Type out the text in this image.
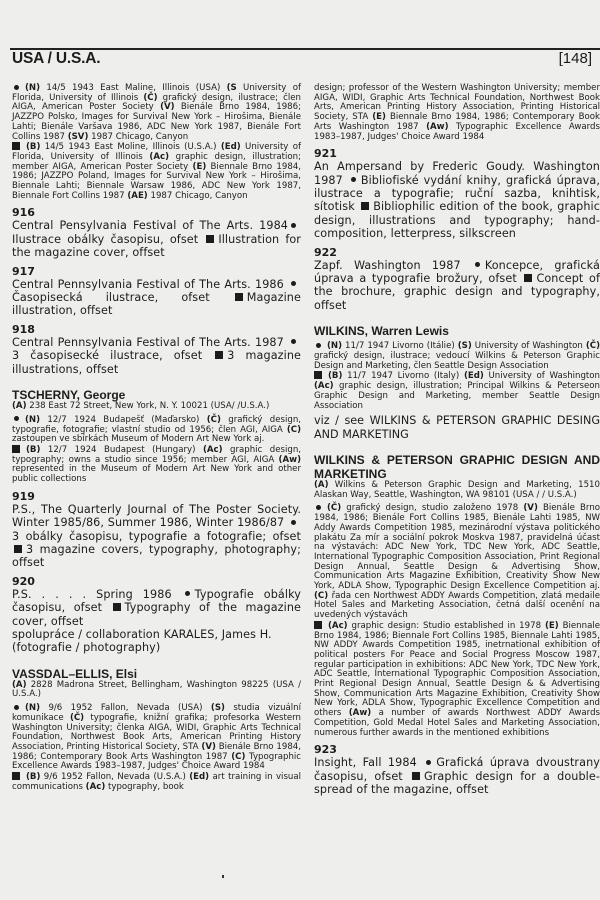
USA / U.S.A.	[148]

(N) 14/5 1943 East Maline, Illinois (USA) (S University of Florida, University of Illinois (Č) grafický design, ilustrace; člen AIGA, American Poster Society (V) Bienále Brno 1984, 1986; JAZZPO Polsko, Images for Survival New York – Hirošima, Bienále Lahti; Bienále Varšava 1986, ADC New York 1987, Bienále Fort Collins 1987 (SV) 1987 Chicago, Canyon

(B) 14/5 1943 East Moline, Illinois (U.S.A.) (Ed) University of Florida, University of Illinois (Ac) graphic design, illustration; member AIGA, American Poster Society (E) Biennale Brno 1984, 1986; JAZZPO Poland, Images for Survival New York – Hirošima, Biennale Lahti; Biennale Warsaw 1986, ADC New York 1987, Biennale Fort Collins 1987 (AE) 1987 Chicago, Canyon

916
Central Pensylvania Festival of The Arts. 1984Ilustrace obálky časopisu, ofset Illustration for the magazine cover, offset
917
Central Pennsylvania Festival of The Arts. 1986 Časopisecká ilustrace, ofset	Magazine illustration, offset
918
Central Pennsylvania Festival of The Arts. 1987 3 časopisecké ilustrace, ofset 3 magazine illustrations, offset
TSCHERNY, George

(A) 238 East 72 Street, New York, N. Y. 10021 (USA/ /U.S.A.)

(N) 12/7 1924 Budapešť (Maďarsko) (Č) grafický design, typografie, fotografie; vlastní studio od 1956; člen AGI, AIGA (C) zastoupen ve sbírkách Museum of Modern Art New York aj.

(B) 12/7 1924 Budapest (Hungary) (Ac) graphic design, typography; owns a studio since 1956; member AGI, AIGA (Aw) represented in the Museum of Modern Art New York and other public collections

919
P.S., The Quarterly Journal of The Poster Society. Winter 1985/86, Summer 1986, Winter 1986/87 3 obálky časopisu, typografie a fotografie; ofset 3 magazine covers, typography, photography; offset
920
P.S. . . . . Spring 1986 Typografie obálky časopisu, ofset Typography of the magazine cover, offset
spolupráce / collaboration KARALES, James H. (fotografie / photography)
VASSDAL–ELLIS, Elsi

(A) 2828 Madrona Street, Bellingham, Washington 98225 (USA / U.S.A.)

(N) 9/6 1952 Fallon, Nevada (USA) (S) studia vizuální komunikace (Č) typografie, knižní grafika; profesorka Western Washington University; členka AIGA, WIDI, Graphic Arts Technical Foundation, Northwest Book Arts, American Printing History Association, Printing Historical Society, STA (V) Bienále Brno 1984, 1986; Contemporary Book Arts Washington 1987 (C) Typographic Excellence Awards 1983–1987, Judges' Choice Award 1984

(B) 9/6 1952 Fallon, Nevada (U.S.A.) (Ed) art training in visual communications (Ac) typography, book

design; professor of the Western Washington University; member AIGA, WIDI, Graphic Arts Technical Foundation, Northwest Book Arts, American Printing History Association, Printing Historical Society, STA (E) Biennale Brno 1984, 1986; Contemporary Book Arts Washington 1987 (Aw) Typographic Excellence Awards 1983–1987, Judges' Choice Award 1984

921
An Ampersand by Frederic Goudy. Washington 1987 Bibliofiské vydání knihy, grafická úprava, ilustrace a typografie; ruční sazba, knihtisk, sítotisk Bibliophilic edition of the book, graphic design, illustrations and typography; hand-composition, letterpress, silkscreen
922
Zapf. Washington 1987 Koncepce, grafická úprava a typografie brožury, ofset Concept of the brochure, graphic design and typography, offset
WILKINS, Warren Lewis

(N) 11/7 1947 Livorno (Itálie) (S) University of Washington (Č) grafický design, ilustrace; vedoucí Wilkins & Peterson Graphic Design and Marketing, člen Seattle Design Association

(B) 11/7 1947 Livorno (Italy) (Ed) University of Washington (Ac) graphic design, illustration; Principal Wilkins & Peterseon Graphic Design and Marketing, member Seattle Design Association

viz / see WILKINS & PETERSON GRAPHIC DESING AND MARKETING
WILKINS & PETERSON GRAPHIC DESIGN AND MARKETING

(A) Wilkins & Peterson Graphic Design and Marketing, 1510 Alaskan Way, Seattle, Washington, WA 98101 (USA / / U.S.A.)

(Č) grafický design, studio založeno 1978 (V) Bienále Brno 1984, 1986; Bienále Fort Collins 1985, Bienále Lahti 1985, NW Addy Awards Competition 1985, mezinárodní výstava politického plakátu Za mír a sociální pokrok Moskva 1987, pravidelná účast na výstavách: ADC New York, TDC New York, ADC Seattle, International Typographic Composition Association, Print Regional Design Annual, Seattle Design & Advertising Show, Communication Arts Magazine Exhibition, Creativity Show New York, ADLA Show, Typographic Design Excellence Competition aj. (C) řada cen Northwest ADDY Awards Competition, zlatá medaile Hotel Sales and Marketing Association, četná další ocenění na uvedených výstavách

(Ac) graphic design: Studio established in 1978 (E) Biennale Brno 1984, 1986; Biennale Fort Collins 1985, Biennale Lahti 1985, NW ADDY Awards Competition 1985, inetrnational exhibition of political posters For Peace and Social Progress Moscow 1987, regular participation in exhibitions: ADC New York, TDC New York, ADC Seattle, International Typographic Composition Association, Print Regional Design Annual, Seattle Design & & Advertising Show, Communication Arts Magazine Exhibition, Creativity Show New York, ADLA Show, Typographic Excellence Competition and others (Aw) a number of awards Northwest ADDY Awards Competition, Gold Medal Hotel Sales and Marketing Association, numerous further awards in the mentioned exhibitions

923
Insight, Fall 1984 Grafická úprava dvoustrany časopisu, ofset Graphic design for a double-spread of the magazine, offset
